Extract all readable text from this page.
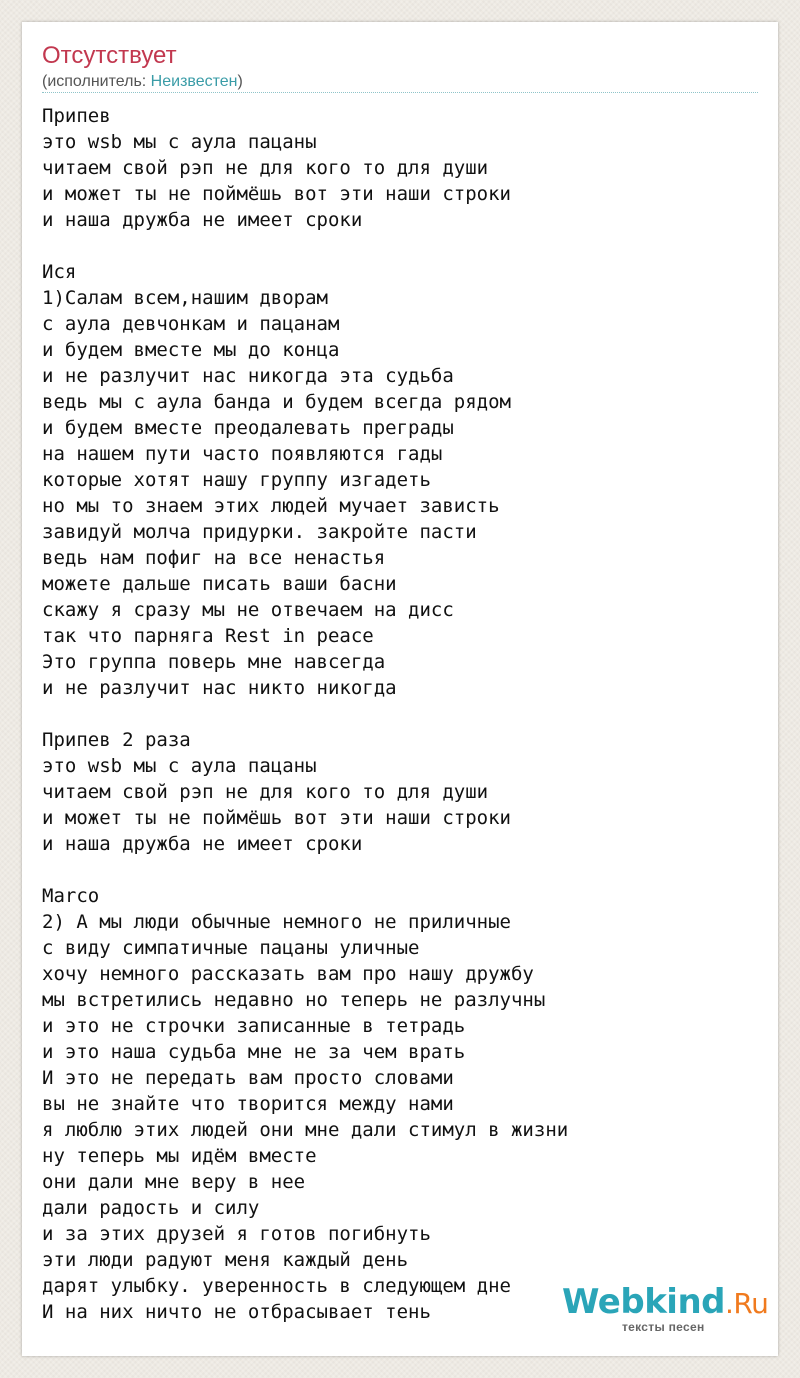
Отсутствует
(исполнитель: Неизвестен)
Припев
это wsb мы с аула пацаны
читаем свой рэп не для кого то для души
и может ты не поймёшь вот эти наши строки
и наша дружба не имеет сроки

Ися
1)Салам всем,нашим дворам
с аула девчонкам и пацанам
и будем вместе мы до конца
и не разлучит нас никогда эта судьба
ведь мы с аула банда и будем всегда рядом
и будем вместе преодалевать преграды
на нашем пути часто появляются гады
которые хотят нашу группу изгадеть
но мы то знаем этих людей мучает зависть
завидуй молча придурки. закройте пасти
ведь нам пофиг на все ненастья
можете дальше писать ваши басни
скажу я сразу мы не отвечаем на дисс
так что парняга Rest in peace
Это группа поверь мне навсегда
и не разлучит нас никто никогда

Припев 2 раза
это wsb мы с аула пацаны
читаем свой рэп не для кого то для души
и может ты не поймёшь вот эти наши строки
и наша дружба не имеет сроки

Marco
2) А мы люди обычные немного не приличные
с виду симпатичные пацаны уличные
хочу немного рассказать вам про нашу дружбу
мы встретились недавно но теперь не разлучны
и это не строчки записанные в тетрадь
и это наша судьба мне не за чем врать
И это не передать вам просто словами
вы не знайте что творится между нами
я люблю этих людей они мне дали стимул в жизни
ну теперь мы идём вместе
они дали мне веру в нее
дали радость и силу
и за этих друзей я готов погибнуть
эти люди радуют меня каждый день
дарят улыбку. уверенность в следующем дне
И на них ничто не отбрасывает тень	Webkind.Ru
тексты песен
